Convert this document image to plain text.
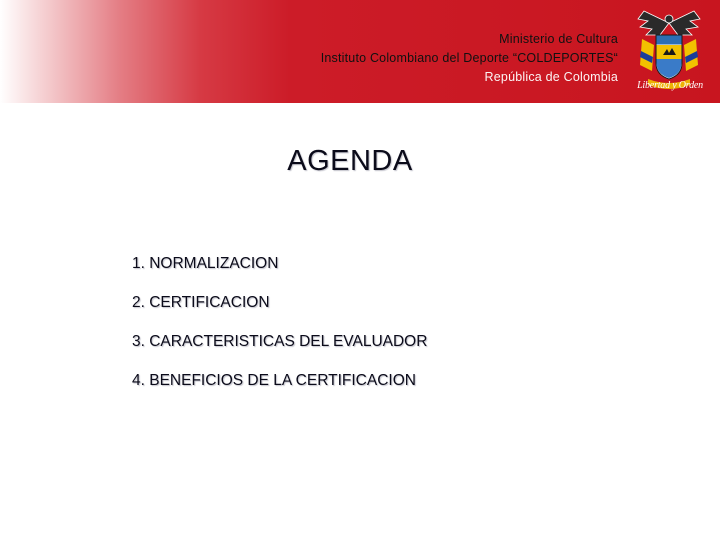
Ministerio de Cultura
Instituto Colombiano del Deporte “COLDEPORTES“
República de Colombia
Libertad y Orden
AGENDA
1. NORMALIZACION
2. CERTIFICACION
3. CARACTERISTICAS DEL EVALUADOR
4. BENEFICIOS DE LA CERTIFICACION
